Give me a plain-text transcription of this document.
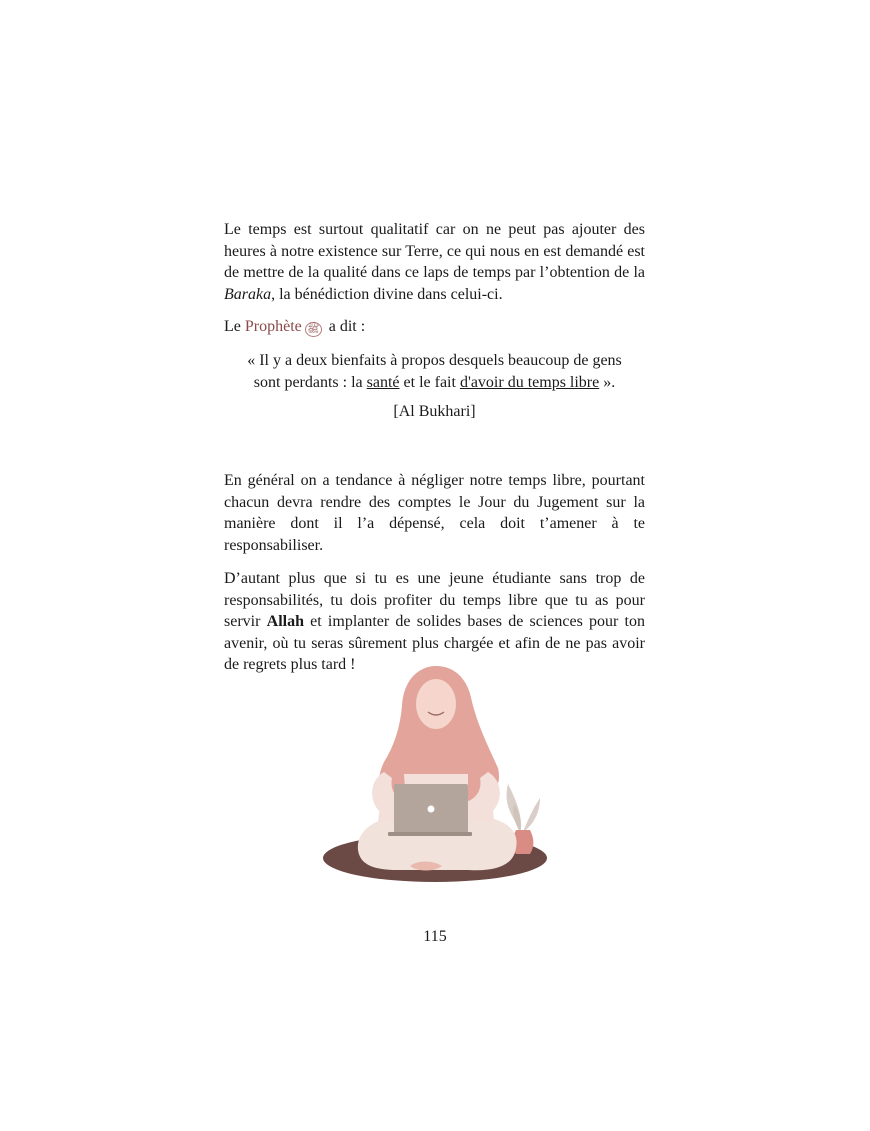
Le temps est surtout qualitatif car on ne peut pas ajouter des heures à notre existence sur Terre, ce qui nous en est demandé est de mettre de la qualité dans ce laps de temps par l’obtention de la Baraka, la bénédiction divine dans celui-ci.

Le Prophète ﷺ a dit :

« Il y a deux bienfaits à propos desquels beaucoup de gens
sont perdants : la santé et le fait d'avoir du temps libre ».
[Al Bukhari]

En général on a tendance à négliger notre temps libre, pourtant chacun devra rendre des comptes le Jour du Jugement sur la manière dont il l’a dépensé, cela doit t’amener à te responsabiliser.

D’autant plus que si tu es une jeune étudiante sans trop de responsabilités, tu dois profiter du temps libre que tu as pour servir Allah et implanter de solides bases de sciences pour ton avenir, où tu seras sûrement plus chargée et afin de ne pas avoir de regrets plus tard !

115
